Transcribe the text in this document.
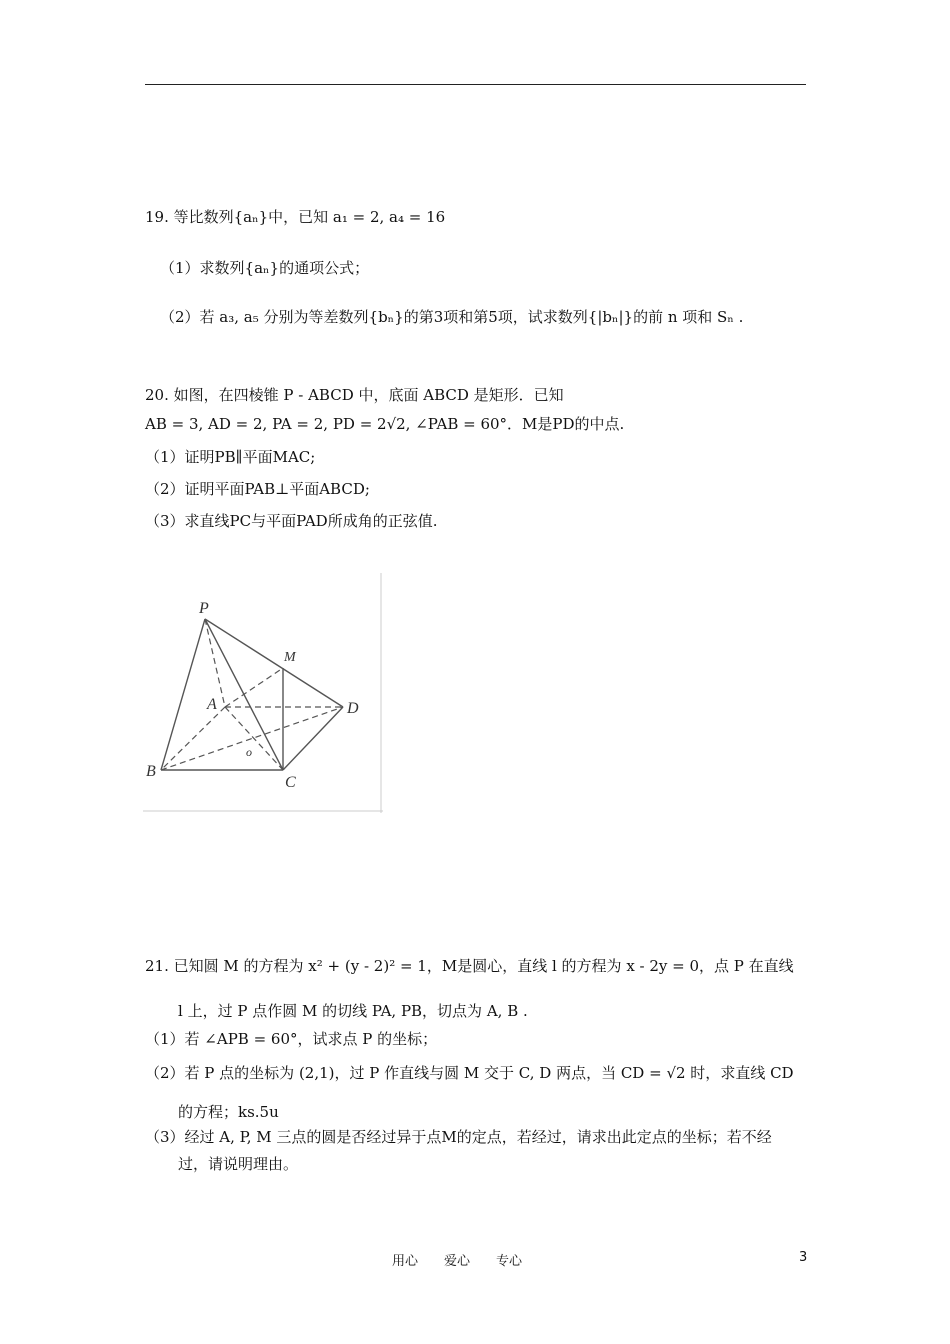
19. 等比数列{aₙ}中，已知 a₁ = 2, a₄ = 16
（1）求数列{aₙ}的通项公式；
（2）若 a₃, a₅ 分别为等差数列{bₙ}的第3项和第5项，试求数列{|bₙ|}的前 n 项和 Sₙ .
20. 如图，在四棱锥 P - ABCD 中，底面 ABCD 是矩形．已知
AB = 3, AD = 2, PA = 2, PD = 2√2, ∠PAB = 60°．M是PD的中点.
（1）证明PB∥平面MAC;
（2）证明平面PAB⊥平面ABCD;
（3）求直线PC与平面PAD所成角的正弦值.
P
M
A	D
B
C
o
21. 已知圆 M 的方程为 x² + (y - 2)² = 1，M是圆心，直线 l 的方程为 x - 2y = 0，点 P 在直线
l 上，过 P 点作圆 M 的切线 PA, PB，切点为 A, B .
（1）若 ∠APB = 60°，试求点 P 的坐标；
（2）若 P 点的坐标为 (2,1)，过 P 作直线与圆 M 交于 C, D 两点，当 CD = √2 时，求直线 CD
的方程；ks.5u
（3）经过 A, P, M 三点的圆是否经过异于点M的定点，若经过，请求出此定点的坐标；若不经
过，请说明理由。
用心　　爱心　　专心	3
